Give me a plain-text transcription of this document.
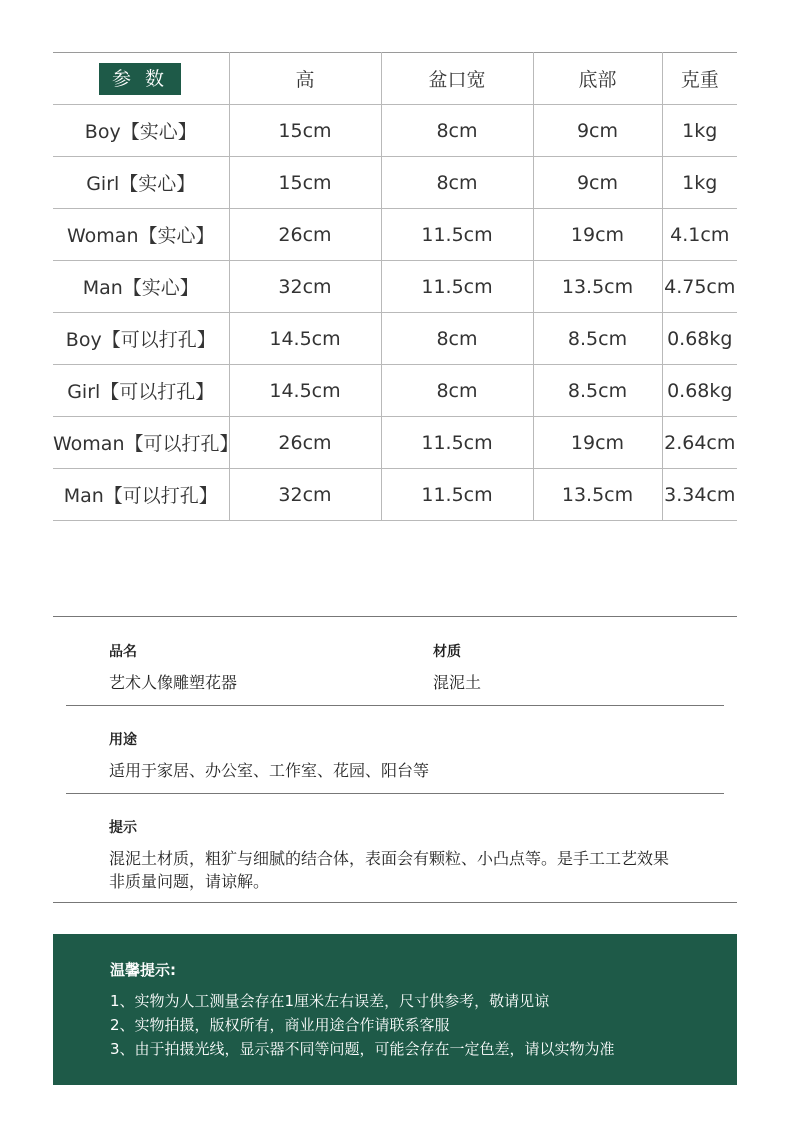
参 数	高	盆口宽	底部	克重
Boy【实心】	15cm	8cm	9cm	1kg
Girl【实心】	15cm	8cm	9cm	1kg
Woman【实心】	26cm	11.5cm	19cm	4.1cm
Man【实心】	32cm	11.5cm	13.5cm	4.75cm
Boy【可以打孔】	14.5cm	8cm	8.5cm	0.68kg
Girl【可以打孔】	14.5cm	8cm	8.5cm	0.68kg
Woman【可以打孔】	26cm	11.5cm	19cm	2.64cm
Man【可以打孔】	32cm	11.5cm	13.5cm	3.34cm
品名
艺术人像雕塑花器
材质
混泥土
用途
适用于家居、办公室、工作室、花园、阳台等
提示
混泥土材质，粗犷与细腻的结合体，表面会有颗粒、小凸点等。是手工工艺效果
非质量问题，请谅解。
温馨提示:
1、实物为人工测量会存在1厘米左右误差，尺寸供参考，敬请见谅
2、实物拍摄，版权所有，商业用途合作请联系客服
3、由于拍摄光线，显示器不同等问题，可能会存在一定色差，请以实物为准
